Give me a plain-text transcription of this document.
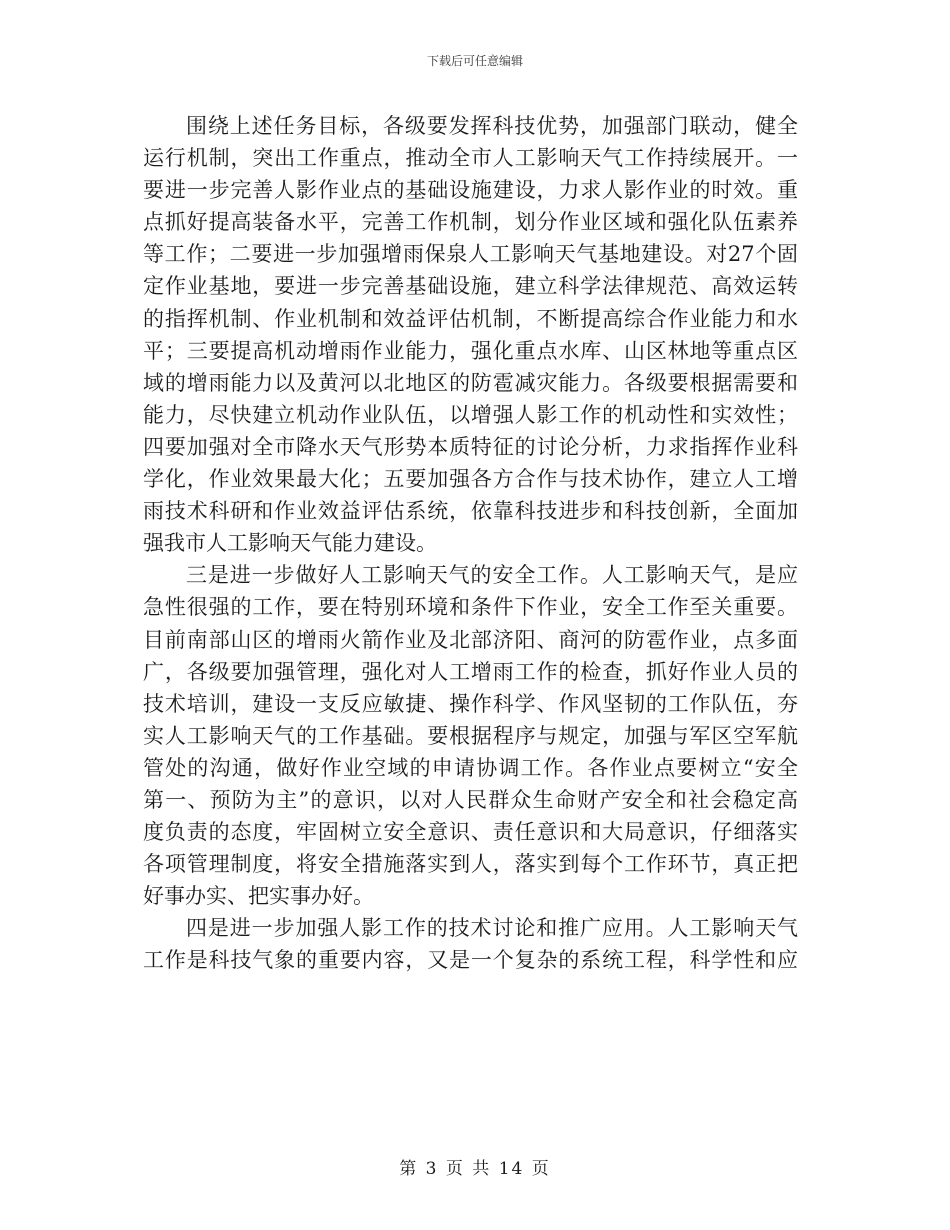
下载后可任意编辑
围绕上述任务目标，各级要发挥科技优势，加强部门联动，健全
运行机制，突出工作重点，推动全市人工影响天气工作持续展开。一
要进一步完善人影作业点的基础设施建设，力求人影作业的时效。重
点抓好提高装备水平，完善工作机制，划分作业区域和强化队伍素养
等工作；二要进一步加强增雨保泉人工影响天气基地建设。对27个固
定作业基地，要进一步完善基础设施，建立科学法律规范、高效运转
的指挥机制、作业机制和效益评估机制，不断提高综合作业能力和水
平；三要提高机动增雨作业能力，强化重点水库、山区林地等重点区
域的增雨能力以及黄河以北地区的防雹减灾能力。各级要根据需要和
能力，尽快建立机动作业队伍，以增强人影工作的机动性和实效性；
四要加强对全市降水天气形势本质特征的讨论分析，力求指挥作业科
学化，作业效果最大化；五要加强各方合作与技术协作，建立人工增
雨技术科研和作业效益评估系统，依靠科技进步和科技创新，全面加
强我市人工影响天气能力建设。
三是进一步做好人工影响天气的安全工作。人工影响天气，是应
急性很强的工作，要在特别环境和条件下作业，安全工作至关重要。
目前南部山区的增雨火箭作业及北部济阳、商河的防雹作业，点多面
广，各级要加强管理，强化对人工增雨工作的检查，抓好作业人员的
技术培训，建设一支反应敏捷、操作科学、作风坚韧的工作队伍，夯
实人工影响天气的工作基础。要根据程序与规定，加强与军区空军航
管处的沟通，做好作业空域的申请协调工作。各作业点要树立“安全
第一、预防为主”的意识，以对人民群众生命财产安全和社会稳定高
度负责的态度，牢固树立安全意识、责任意识和大局意识，仔细落实
各项管理制度，将安全措施落实到人，落实到每个工作环节，真正把
好事办实、把实事办好。
四是进一步加强人影工作的技术讨论和推广应用。人工影响天气
工作是科技气象的重要内容，又是一个复杂的系统工程，科学性和应
第 3 页 共 14 页
